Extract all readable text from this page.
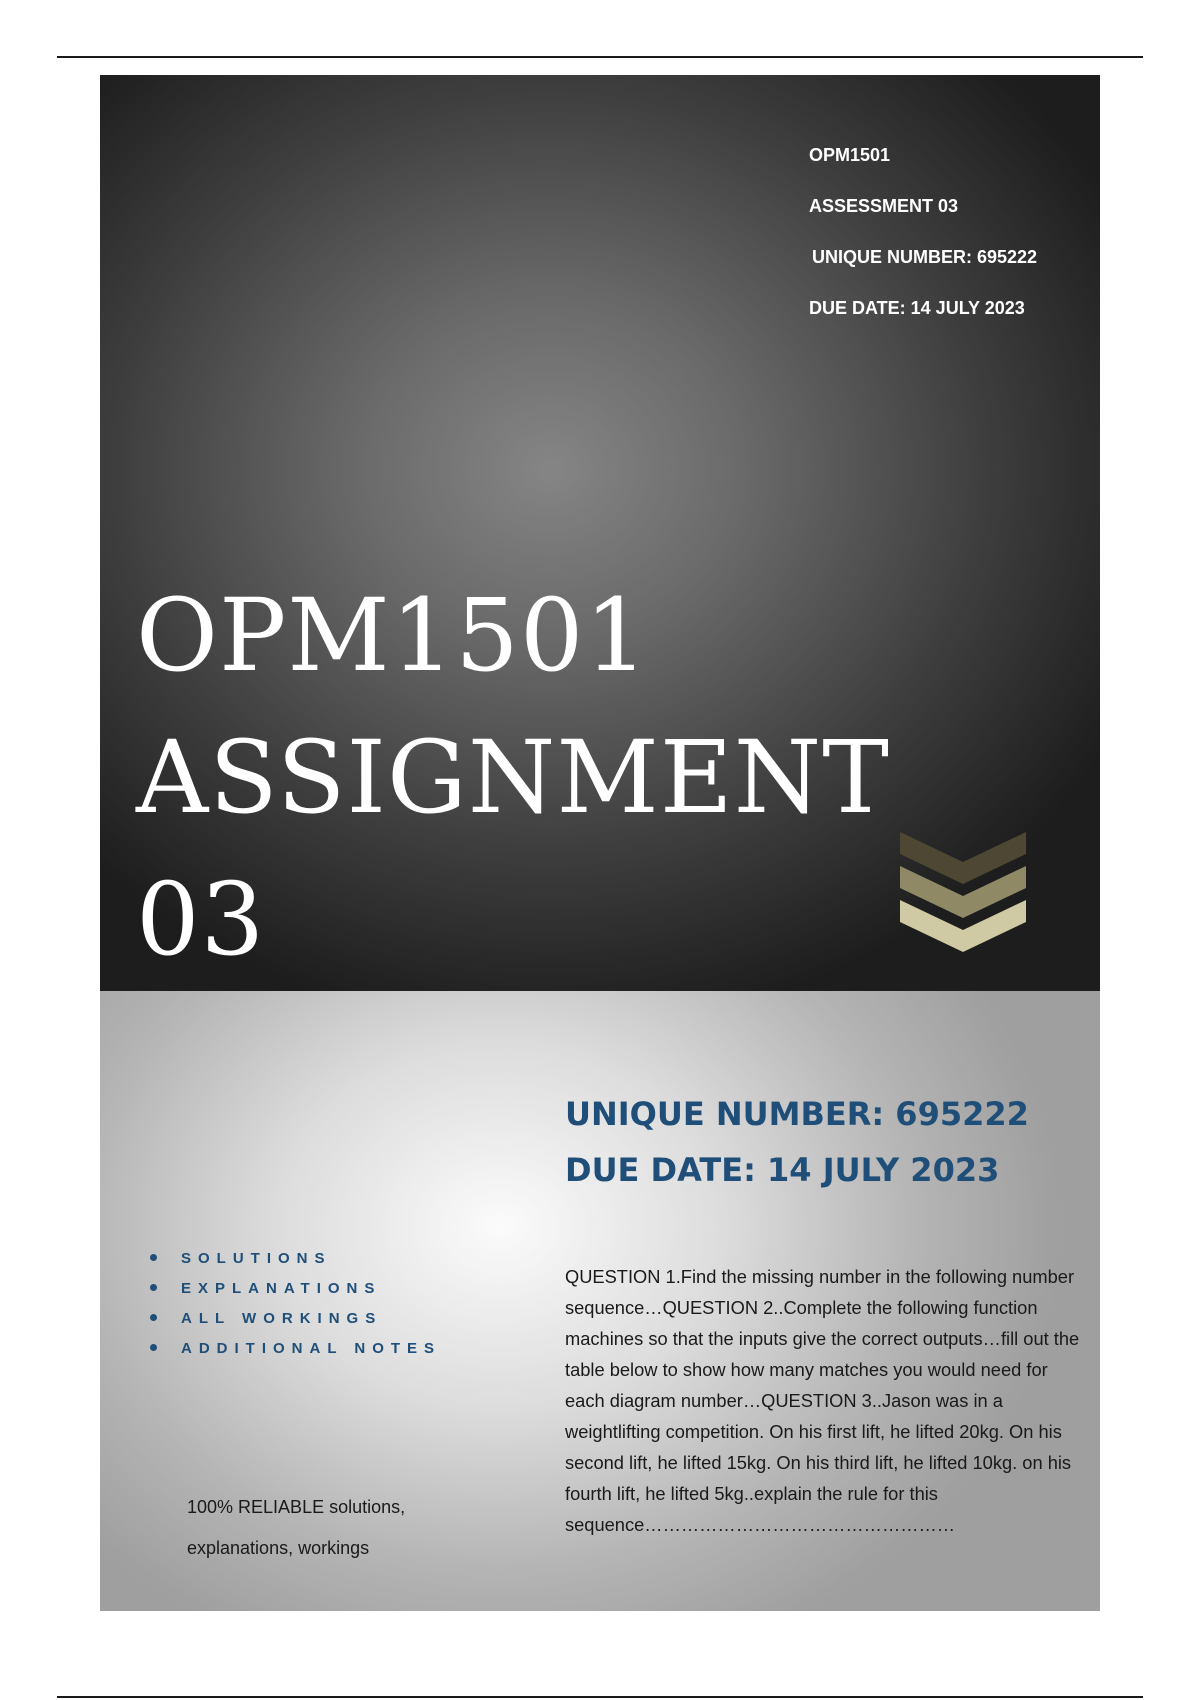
OPM1501
ASSESSMENT 03
UNIQUE NUMBER: 695222
DUE DATE: 14 JULY 2023
OPM1501
ASSIGNMENT
03
UNIQUE NUMBER: 695222
DUE DATE: 14 JULY 2023
SOLUTIONS
EXPLANATIONS
ALL WORKINGS
ADDITIONAL NOTES
100% RELIABLE solutions, explanations, workings
QUESTION 1.Find the missing number in the following number sequence…QUESTION 2..Complete the following function machines so that the inputs give the correct outputs…fill out the table below to show how many matches you would need for each diagram number…QUESTION 3..Jason was in a weightlifting competition. On his first lift, he lifted 20kg. On his second lift, he lifted 15kg. On his third lift, he lifted 10kg. on his fourth lift, he lifted 5kg..explain the rule for this sequence……………………………………………
